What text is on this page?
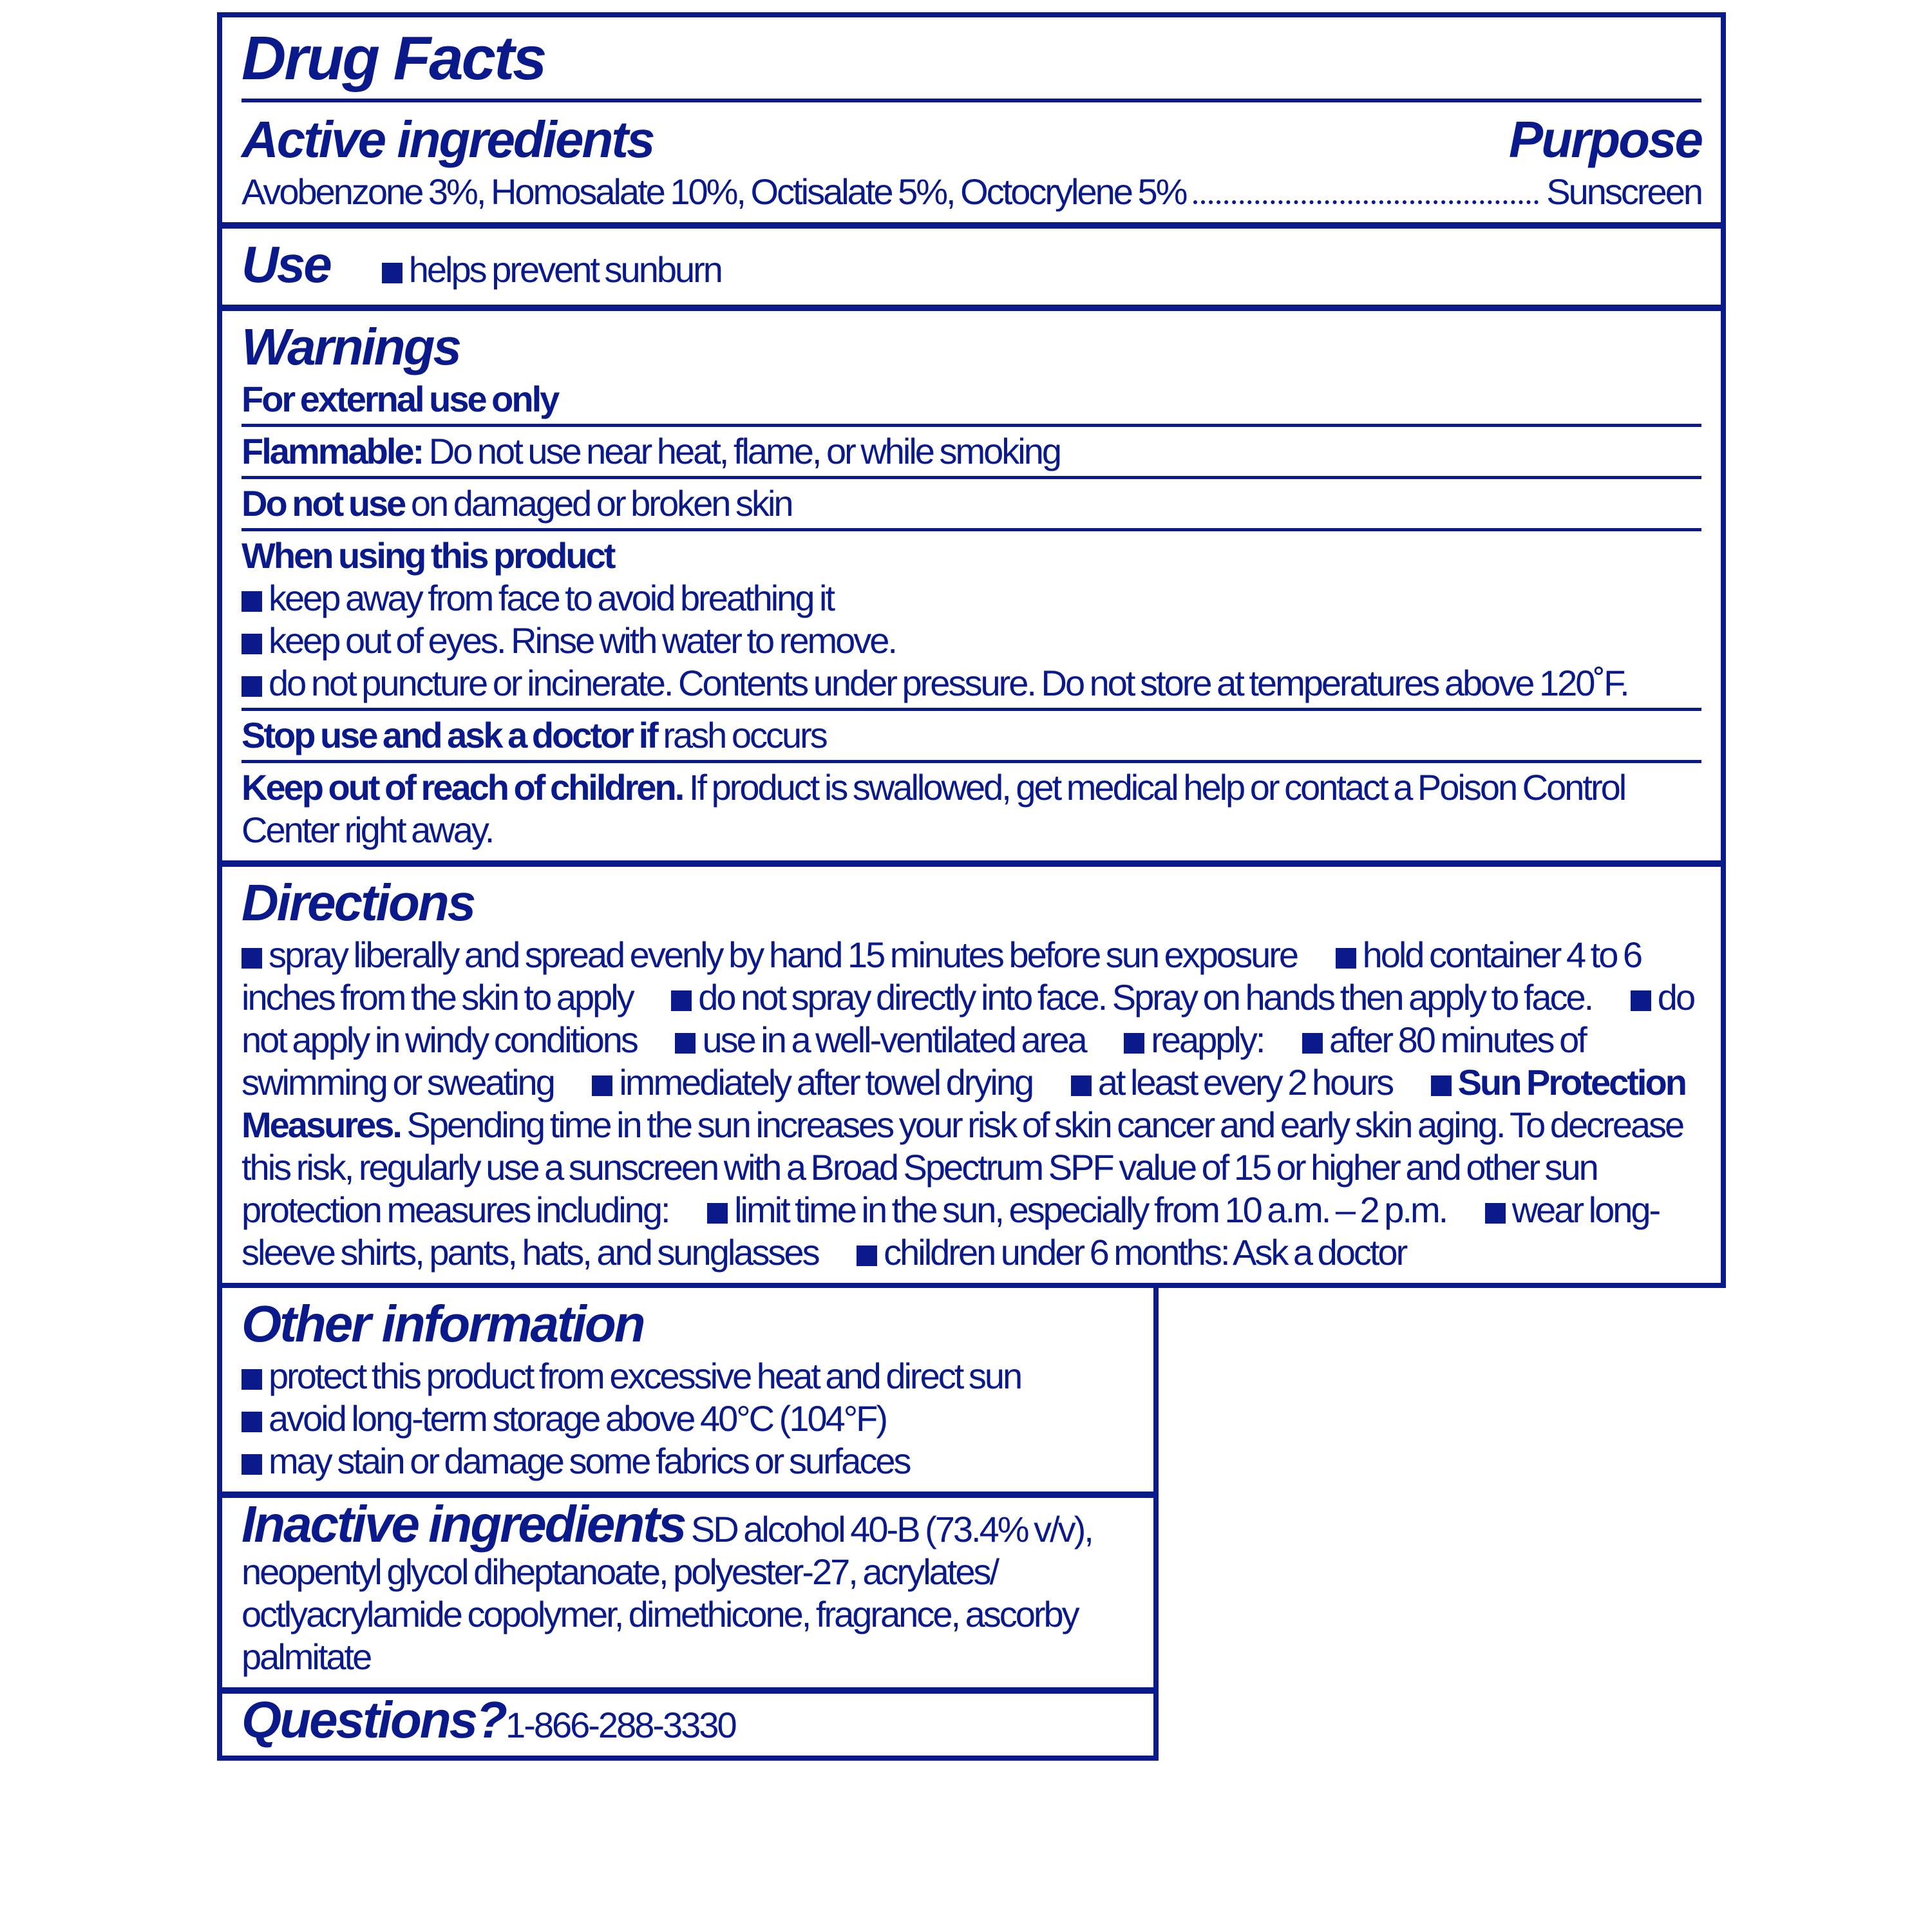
Drug Facts
Active ingredients	Purpose
Avobenzone 3%, Homosalate 10%, Octisalate 5%, Octocrylene 5%	Sunscreen
Use	helps prevent sunburn
Warnings
For external use only
Flammable: Do not use near heat, flame, or while smoking
Do not use on damaged or broken skin
When using this product
keep away from face to avoid breathing it
keep out of eyes. Rinse with water to remove.
do not puncture or incinerate. Contents under pressure. Do not store at temperatures above 120˚F.
Stop use and ask a doctor if rash occurs
Keep out of reach of children. If product is swallowed, get medical help or contact a Poison Control Center right away.
Directions
spray liberally and spread evenly by hand 15 minutes before sun exposure hold container 4 to 6 inches from the skin to apply do not spray directly into face. Spray on hands then apply to face. do not apply in windy conditions use in a well-ventilated area reapply: after 80 minutes of swimming or sweating immediately after towel drying at least every 2 hours Sun Protection Measures. Spending time in the sun increases your risk of skin cancer and early skin aging. To decrease this risk, regularly use a sunscreen with a Broad Spectrum SPF value of 15 or higher and other sun protection measures including: limit time in the sun, especially from 10 a.m. – 2 p.m. wear long-sleeve shirts, pants, hats, and sunglasses children under 6 months: Ask a doctor
Other information
protect this product from excessive heat and direct sun
avoid long-term storage above 40°C (104°F)
may stain or damage some fabrics or surfaces
Inactive ingredients SD alcohol 40-B (73.4% v/v), neopentyl glycol diheptanoate, polyester-27, acrylates/ octlyacrylamide copolymer, dimethicone, fragrance, ascorby palmitate
Questions?1-866-288-3330
